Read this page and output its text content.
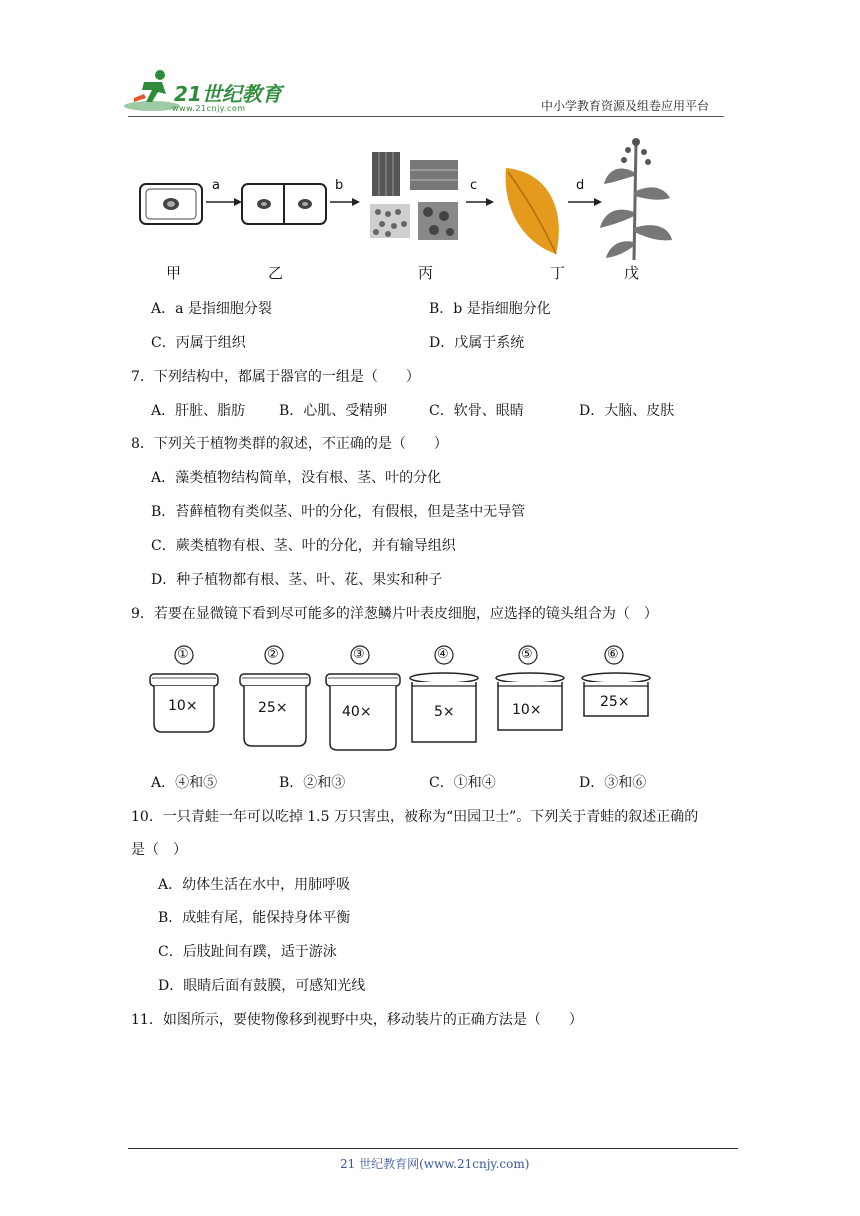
21世纪教育
www.21cnjy.com	中小学教育资源及组卷应用平台
a	b	c	d
甲	乙	丙	丁	戊
A．a 是指细胞分裂	B．b 是指细胞分化
C．丙属于组织	D．戊属于系统
7．下列结构中，都属于器官的一组是（　　）
A．肝脏、脂肪 B．心肌、受精卵	C．软骨、眼睛	D．大脑、皮肤
8．下列关于植物类群的叙述，不正确的是（　　）
A．藻类植物结构简单，没有根、茎、叶的分化
B．苔藓植物有类似茎、叶的分化，有假根，但是茎中无导管
C．蕨类植物有根、茎、叶的分化，并有输导组织
D．种子植物都有根、茎、叶、花、果实和种子
9．若要在显微镜下看到尽可能多的洋葱鳞片叶表皮细胞，应选择的镜头组合为（　）
①	②	③	④	⑤	⑥
10×	25×	40×	5×	10×	25×
A．④和⑤	B．②和③	C．①和④	D．③和⑥
10．一只青蛙一年可以吃掉 1.5 万只害虫，被称为“田园卫士”。下列关于青蛙的叙述正确的
是（　）
A．幼体生活在水中，用肺呼吸
B．成蛙有尾，能保持身体平衡
C．后肢趾间有蹼，适于游泳
D．眼睛后面有鼓膜，可感知光线
11．如图所示，要使物像移到视野中央，移动装片的正确方法是（　　）
21 世纪教育网(www.21cnjy.com)
